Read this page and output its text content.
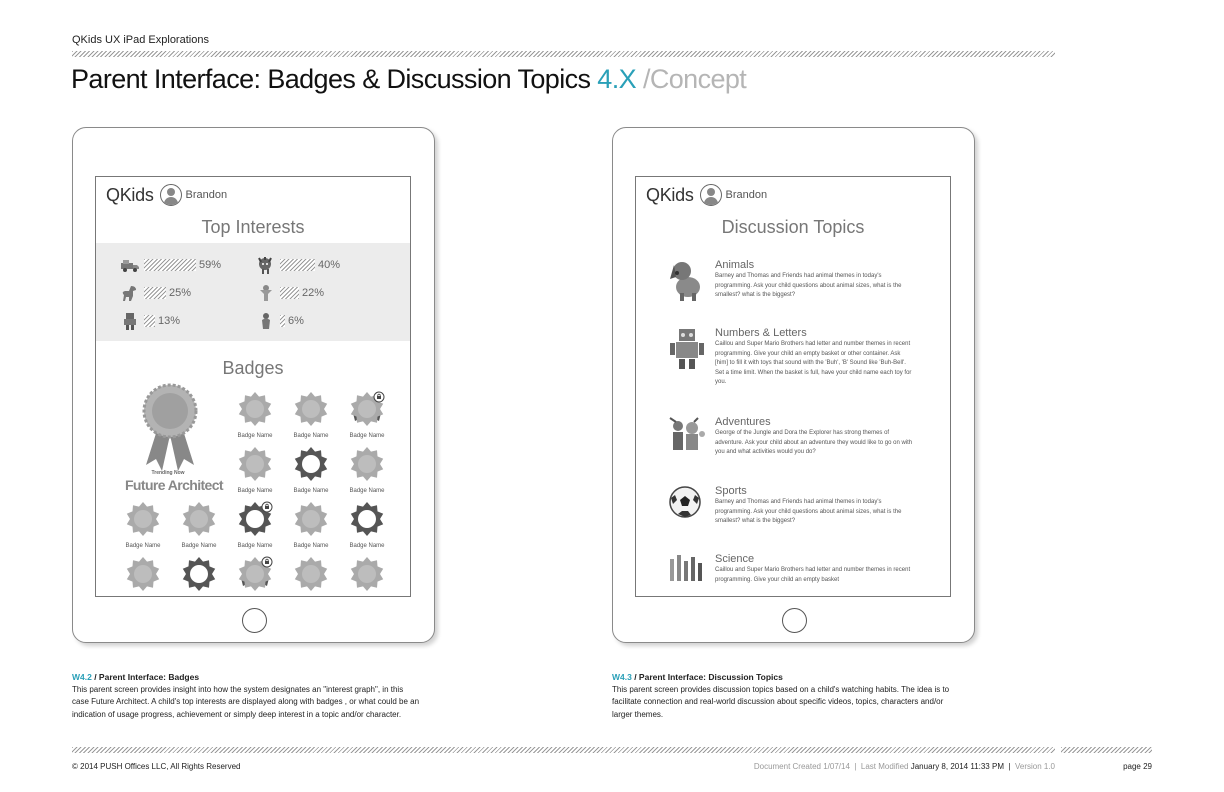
QKids UX iPad Explorations
Parent Interface: Badges & Discussion Topics 4.X /Concept
QKids	Brandon
Top Interests
59%	40%
25%	22%
13%	6%
Badges
Trending Now
Future Architect
Badge Name	Badge Name	Badge Name
Badge Name	Badge Name	Badge Name
Badge Name	Badge Name	Badge Name	Badge Name	Badge Name
QKids	Brandon
Discussion Topics
Animals
Barney and Thomas and Friends had animal themes in today's programming. Ask your child questions about animal sizes, what is the smallest? what is the biggest?
Numbers & Letters
Caillou and Super Mario Brothers had letter and number themes in recent programming. Give your child an empty basket or other container. Ask [him] to fill it with toys that sound with the 'Buh', 'B' Sound like 'Buh-Bell'. Set a time limit. When the basket is full, have your child name each toy for you.
Adventures
George of the Jungle and Dora the Explorer has strong themes of adventure. Ask your child about an adventure they would like to go on with you and what activities would you do?
Sports
Barney and Thomas and Friends had animal themes in today's programming. Ask your child questions about animal sizes, what is the smallest? what is the biggest?
Science
Caillou and Super Mario Brothers had letter and number themes in recent programming. Give your child an empty basket
W4.2 / Parent Interface: Badges
This parent screen provides insight into how the system designates an "interest graph", in this case Future Architect. A child's top interests are displayed along with badges , or what could be an indication of usage progress, achievement or simply deep interest in a topic and/or character.
W4.3 / Parent Interface: Discussion Topics
This parent screen provides discussion topics based on a child's watching habits. The idea is to facilitate connection and real-world discussion about specific videos, topics, characters and/or larger themes.
© 2014 PUSH Offices LLC, All Rights Reserved	Document Created 1/07/14  |  Last Modified January 8, 2014 11:33 PM | Version 1.0	page 29
